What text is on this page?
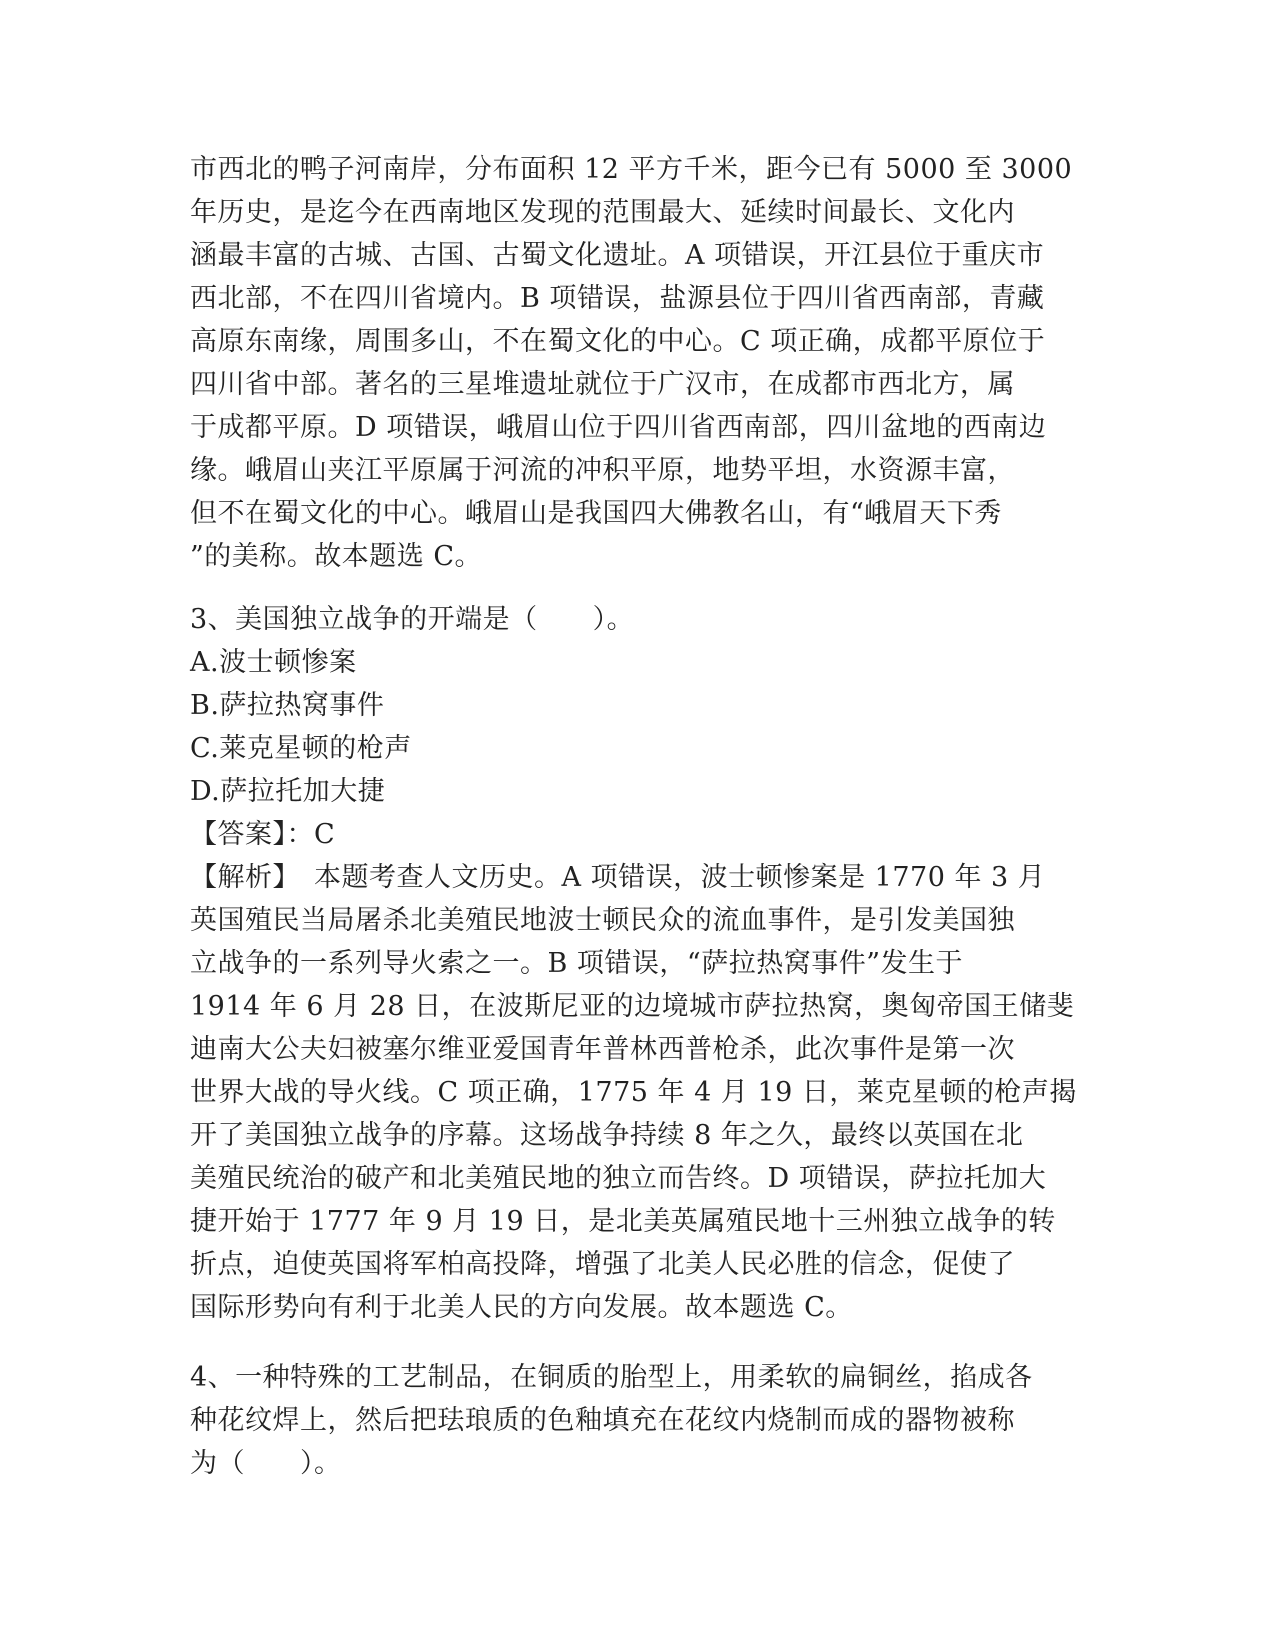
市西北的鸭子河南岸，分布面积 12 平方千米，距今已有 5000 至 3000
年历史，是迄今在西南地区发现的范围最大、延续时间最长、文化内
涵最丰富的古城、古国、古蜀文化遗址。A 项错误，开江县位于重庆市
西北部，不在四川省境内。B 项错误，盐源县位于四川省西南部，青藏
高原东南缘，周围多山，不在蜀文化的中心。C 项正确，成都平原位于
四川省中部。著名的三星堆遗址就位于广汉市，在成都市西北方，属
于成都平原。D 项错误，峨眉山位于四川省西南部，四川盆地的西南边
缘。峨眉山夹江平原属于河流的冲积平原，地势平坦，水资源丰富，
但不在蜀文化的中心。峨眉山是我国四大佛教名山，有“峨眉天下秀
”的美称。故本题选 C。
3、美国独立战争的开端是（　　）。
A.波士顿惨案
B.萨拉热窝事件
C.莱克星顿的枪声
D.萨拉托加大捷
【答案】：C
【解析】　本题考查人文历史。A 项错误，波士顿惨案是 1770 年 3 月
英国殖民当局屠杀北美殖民地波士顿民众的流血事件，是引发美国独
立战争的一系列导火索之一。B 项错误，“萨拉热窝事件”发生于
1914 年 6 月 28 日，在波斯尼亚的边境城市萨拉热窝，奥匈帝国王储斐
迪南大公夫妇被塞尔维亚爱国青年普林西普枪杀，此次事件是第一次
世界大战的导火线。C 项正确，1775 年 4 月 19 日，莱克星顿的枪声揭
开了美国独立战争的序幕。这场战争持续 8 年之久，最终以英国在北
美殖民统治的破产和北美殖民地的独立而告终。D 项错误，萨拉托加大
捷开始于 1777 年 9 月 19 日，是北美英属殖民地十三州独立战争的转
折点，迫使英国将军柏高投降，增强了北美人民必胜的信念，促使了
国际形势向有利于北美人民的方向发展。故本题选 C。
4、一种特殊的工艺制品，在铜质的胎型上，用柔软的扁铜丝，掐成各
种花纹焊上，然后把珐琅质的色釉填充在花纹内烧制而成的器物被称
为（　　）。
